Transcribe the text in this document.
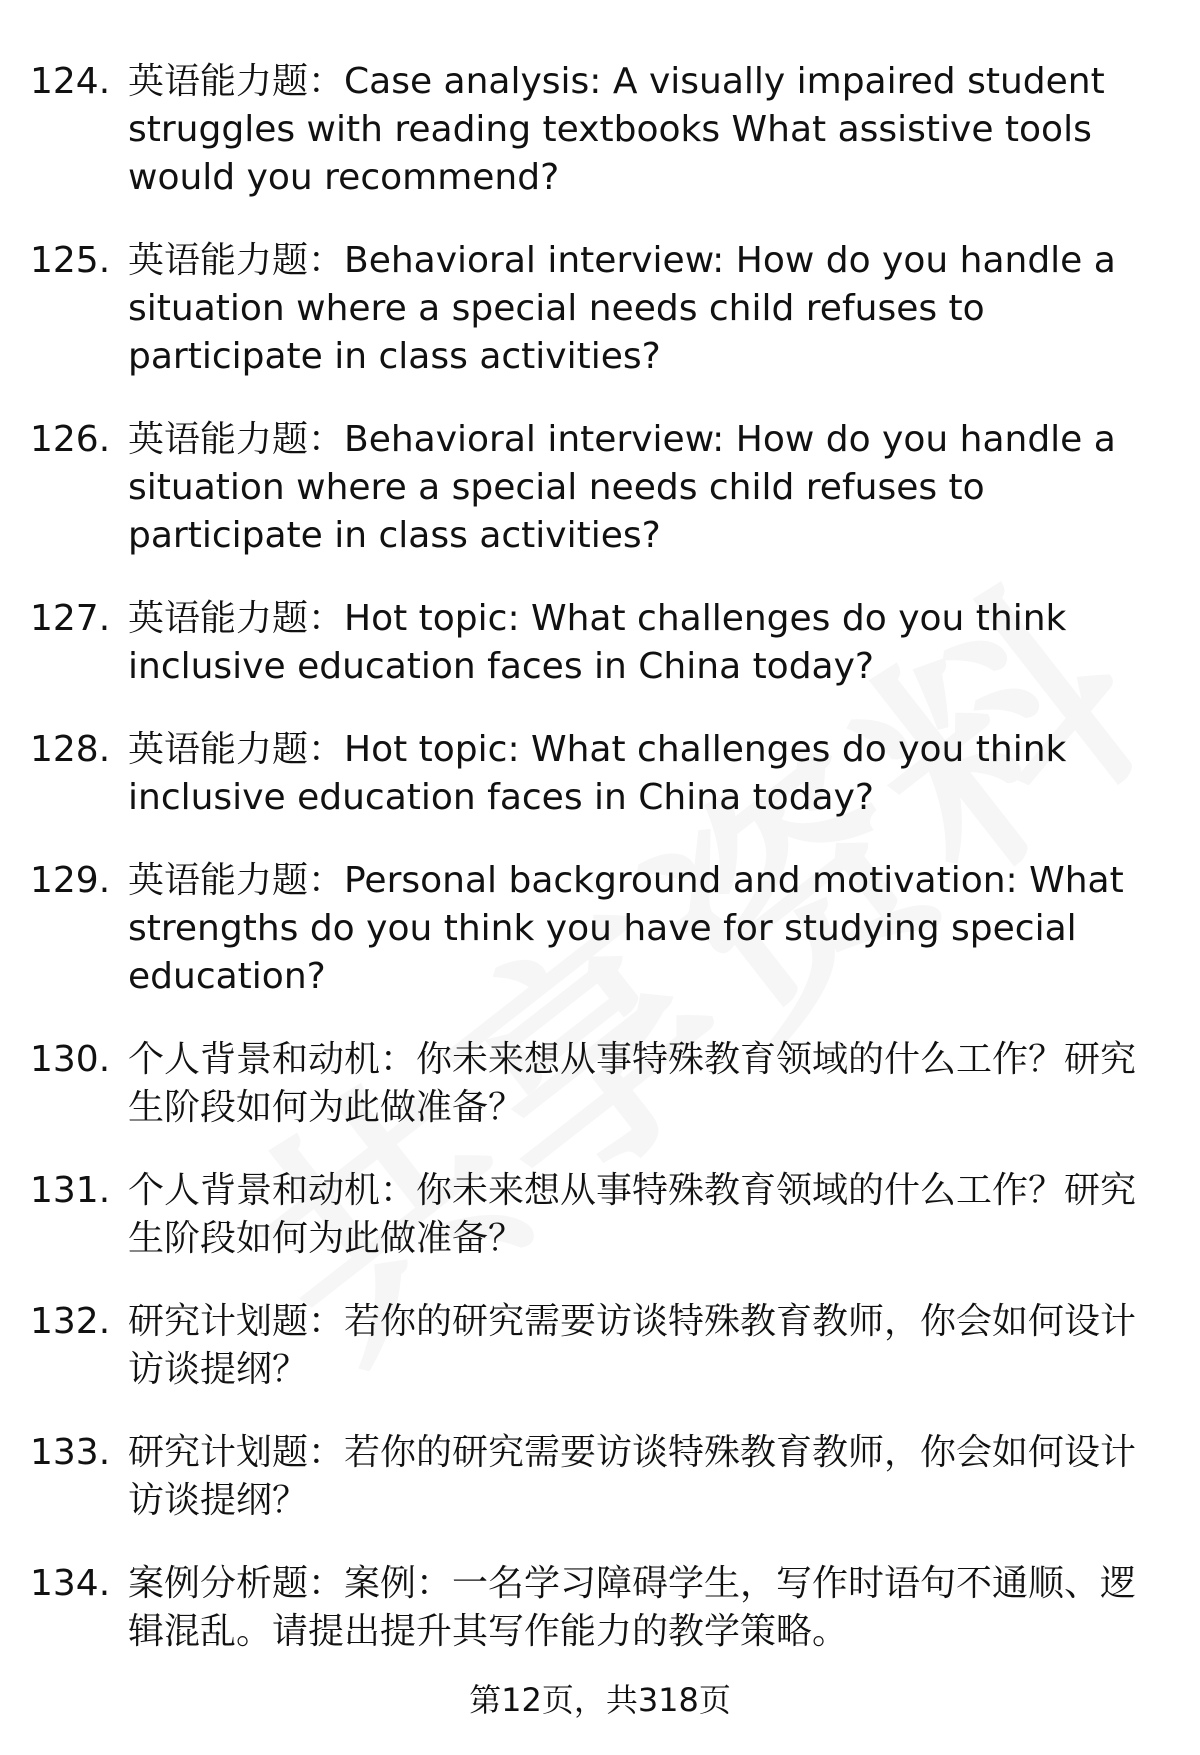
124. 英语能力题：Case analysis: A visually impaired student struggles with reading textbooks What assistive tools would you recommend?
125. 英语能力题：Behavioral interview: How do you handle a situation where a special needs child refuses to participate in class activities?
126. 英语能力题：Behavioral interview: How do you handle a situation where a special needs child refuses to participate in class activities?
127. 英语能力题：Hot topic: What challenges do you think inclusive education faces in China today?
128. 英语能力题：Hot topic: What challenges do you think inclusive education faces in China today?
129. 英语能力题：Personal background and motivation: What strengths do you think you have for studying special education?
130. 个人背景和动机：你未来想从事特殊教育领域的什么工作？研究生阶段如何为此做准备？
131. 个人背景和动机：你未来想从事特殊教育领域的什么工作？研究生阶段如何为此做准备？
132. 研究计划题：若你的研究需要访谈特殊教育教师，你会如何设计访谈提纲？
133. 研究计划题：若你的研究需要访谈特殊教育教师，你会如何设计访谈提纲？
134. 案例分析题：案例：一名学习障碍学生，写作时语句不通顺、逻辑混乱。请提出提升其写作能力的教学策略。
第12页，共318页
